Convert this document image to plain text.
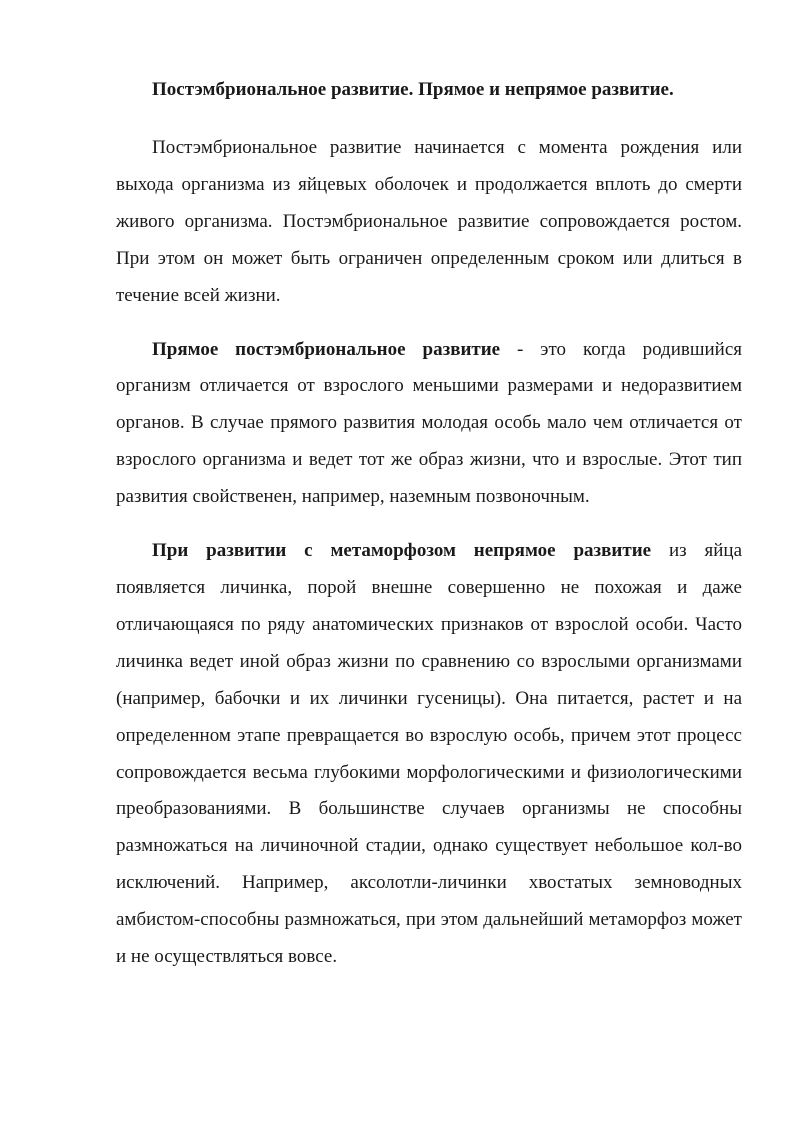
Постэмбриональное развитие. Прямое и непрямое развитие.

Постэмбриональное развитие начинается с момента рождения или выхода организма из яйцевых оболочек и продолжается вплоть до смерти живого организма. Постэмбриональное развитие сопровождается ростом. При этом он может быть ограничен определенным сроком или длиться в течение всей жизни.

Прямое постэмбриональное развитие - это когда родившийся организм отличается от взрослого меньшими размерами и недоразвитием органов. В случае прямого развития молодая особь мало чем отличается от взрослого организма и ведет тот же образ жизни, что и взрослые. Этот тип развития свойственен, например, наземным позвоночным.

При развитии с метаморфозом непрямое развитие из яйца появляется личинка, порой внешне совершенно не похожая и даже отличающаяся по ряду анатомических признаков от взрослой особи. Часто личинка ведет иной образ жизни по сравнению со взрослыми организмами (например, бабочки и их личинки гусеницы). Она питается, растет и на определенном этапе превращается во взрослую особь, причем этот процесс сопровождается весьма глубокими морфологическими и физиологическими преобразованиями. В большинстве случаев организмы не способны размножаться на личиночной стадии, однако существует небольшое кол-во исключений. Например, аксолотли-личинки хвостатых земноводных амбистом-способны размножаться, при этом дальнейший метаморфоз может и не осуществляться вовсе.
